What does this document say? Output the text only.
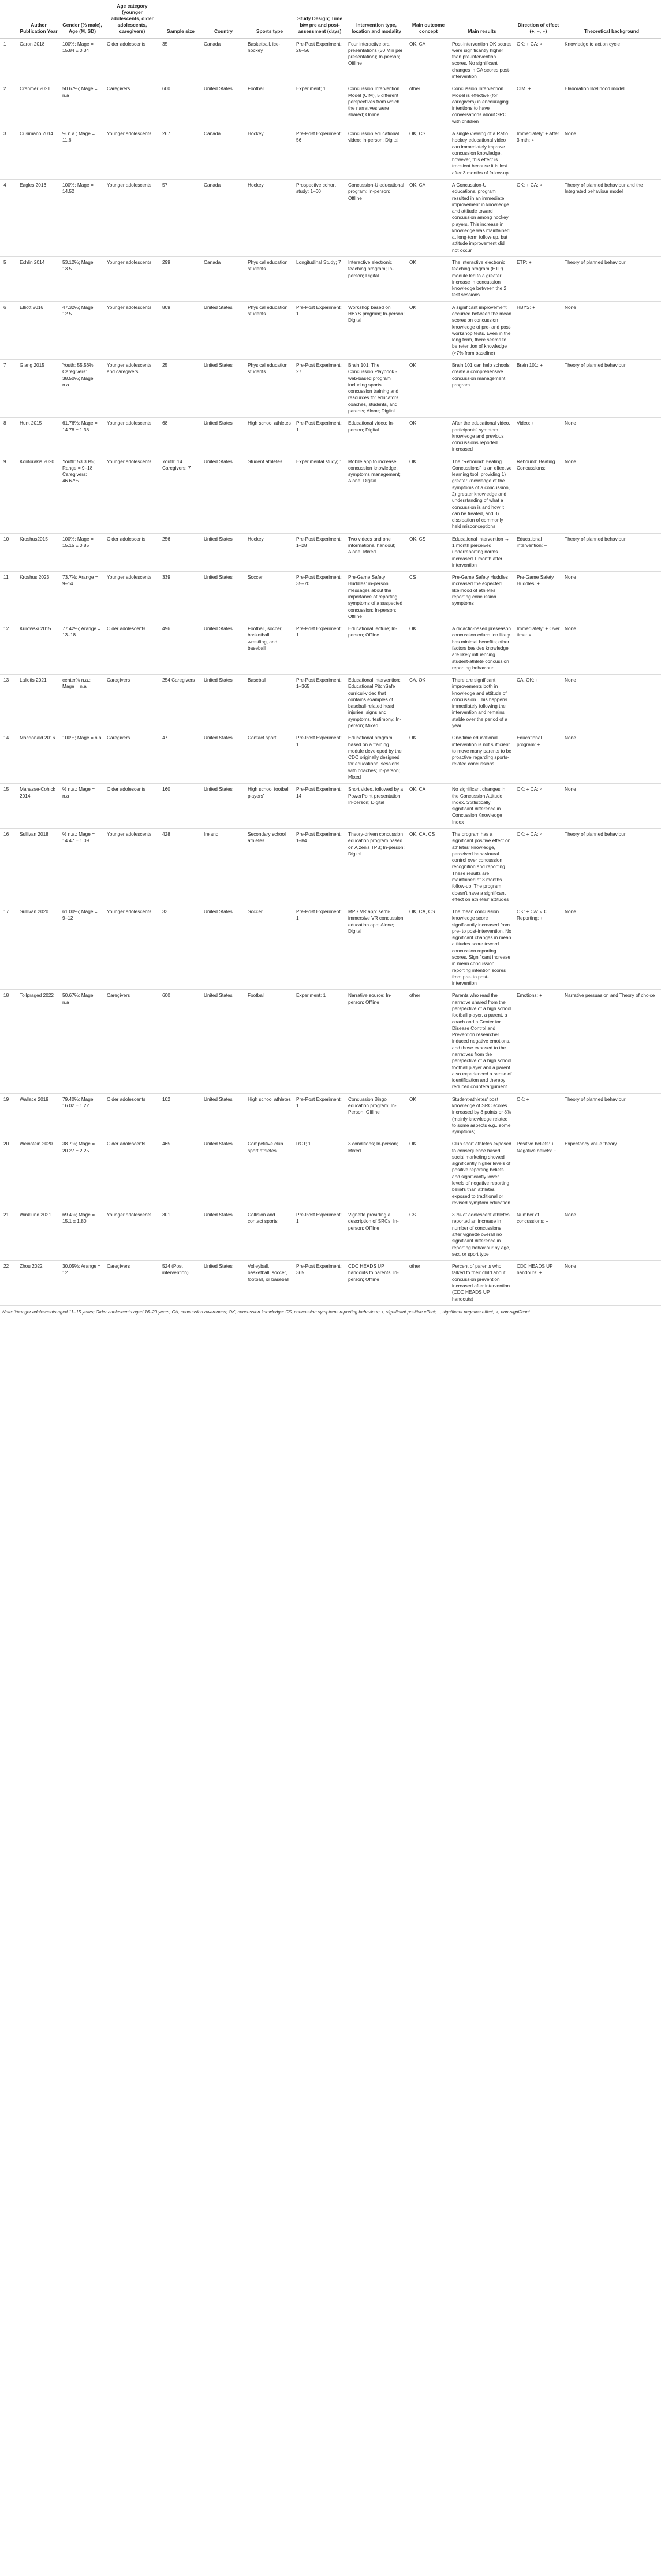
	Author Publication Year	Gender (% male), Age (M, SD)	Age category (younger adolescents, older adolescents, caregivers)	Sample size	Country	Sports type	Study Design; Time b/w pre and post-assessment (days)	Intervention type, location and modality	Main outcome concept	Main results	Direction of effect (+, −, ∘)	Theoretical background
1	Caron 2018	100%; Mage = 15.84 ± 0.34	Older adolescents	35	Canada	Basketball, ice-hockey	Pre-Post Experiment; 28–56	Four interactive oral presentations (30 Min per presentation); In-person; Offline	OK, CA	Post-intervention OK scores were significantly higher than pre-intervention scores. No significant changes in CA scores post-intervention	OK: + CA: ∘	Knowledge to action cycle
2	Cranmer 2021	50.67%; Mage = n.a	Caregivers	600	United States	Football	Experiment; 1	Concussion Intervention Model (CIM), 5 different perspectives from which the narratives were shared; Online	other	Concussion Intervention Model is effective (for caregivers) in encouraging intentions to have conversations about SRC with children	CIM: +	Elaboration likelihood model
3	Cusimano 2014	% n.a.; Mage = 11.6	Younger adolescents	267	Canada	Hockey	Pre-Post Experiment; 56	Concussion educational video; In-person; Digital	OK, CS	A single viewing of a Ratio hockey educational video can immediately improve concussion knowledge, however, this effect is transient because it is lost after 3 months of follow-up	Immediately: + After 3 mth: ∘	None
4	Eagles 2016	100%; Mage = 14.52	Younger adolescents	57	Canada	Hockey	Prospective cohort study; 1–60	Concussion-U educational program; In-person; Offline	OK, CA	A Concussion-U educational program resulted in an immediate improvement in knowledge and attitude toward concussion among hockey players. This increase in knowledge was maintained at long-term follow-up, but attitude improvement did not occur	OK: + CA: ∘	Theory of planned behaviour and the Integrated behaviour model
5	Echlin 2014	53.12%; Mage = 13.5	Younger adolescents	299	Canada	Physical education students	Longitudinal Study; 7	Interactive electronic teaching program; In-person; Digital	OK	The interactive electronic teaching program (ETP) module led to a greater increase in concussion knowledge between the 2 test sessions	ETP: +	Theory of planned behaviour
6	Elliott 2016	47.32%; Mage = 12.5	Younger adolescents	809	United States	Physical education students	Pre-Post Experiment; 1	Workshop based on HBYS program; In-person; Digital	OK	A significant improvement occurred between the mean scores on concussion knowledge of pre- and post-workshop tests. Even in the long term, there seems to be retention of knowledge (>7% from baseline)	HBYS: +	None
7	Glang 2015	Youth: 55.56% Caregivers: 38.50%; Mage = n.a	Younger adolescents and caregivers	25	United States	Physical education students	Pre-Post Experiment; 27	Brain 101: The Concussion Playbook - web-based program including sports concussion training and resources for educators, coaches, students, and parents; Alone; Digital	OK	Brain 101 can help schools create a comprehensive concussion management program	Brain 101: +	Theory of planned behaviour
8	Hunt 2015	61.76%; Mage = 14.78 ± 1.38	Younger adolescents	68	United States	High school athletes	Pre-Post Experiment; 1	Educational video; In-person; Digital	OK	After the educational video, participants' symptom knowledge and previous concussions reported increased	Video: +	None
9	Kontorakis 2020	Youth: 53.30%; Range = 9–18 Caregivers: 46.67%	Younger adolescents	Youth: 14 Caregivers: 7	United States	Student athletes	Experimental study; 1	Mobile app to increase concussion knowledge, symptoms management; Alone; Digital	OK	The "Rebound: Beating Concussions" is an effective learning tool, providing 1) greater knowledge of the symptoms of a concussion, 2) greater knowledge and understanding of what a concussion is and how it can be treated, and 3) dissipation of commonly held misconceptions	Rebound: Beating Concussions: +	None
10	Kroshus2015	100%; Mage = 15.15 ± 0.85	Older adolescents	256	United States	Hockey	Pre-Post Experiment; 1–28	Two videos and one informational handout; Alone; Mixed	OK, CS	Educational intervention → 1 month perceived underreporting norms increased 1 month after intervention	Educational intervention: −	Theory of planned behaviour
11	Kroshus 2023	73.7%; Arange = 9–14	Younger adolescents	339	United States	Soccer	Pre-Post Experiment; 35–70	Pre-Game Safety Huddles: in-person messages about the importance of reporting symptoms of a suspected concussion; In-person; Offline	CS	Pre-Game Safety Huddles increased the expected likelihood of athletes reporting concussion symptoms	Pre-Game Safety Huddles: +	None
12	Kurowski 2015	77.42%; Arange = 13–18	Older adolescents	496	United States	Football, soccer, basketball, wrestling, and baseball	Pre-Post Experiment; 1	Educational lecture; In-person; Offline	OK	A didactic-based preseason concussion education likely has minimal benefits; other factors besides knowledge are likely influencing student-athlete concussion reporting behaviour	Immediately: + Over time: ∘	None
13	Laliotis 2021	center% n.a.; Mage = n.a	Caregivers	254 Caregivers	United States	Baseball	Pre-Post Experiment; 1–365	Educational intervention: Educational PitchSafe curricul-video that contains examples of baseball-related head injuries, signs and symptoms, testimony; In-person; Mixed	CA, OK	There are significant improvements both in knowledge and attitude of concussion. This happens immediately following the intervention and remains stable over the period of a year	CA, OK: +	None
14	Macdonald 2016	100%; Mage = n.a	Caregivers	47	United States	Contact sport	Pre-Post Experiment; 1	Educational program based on a training module developed by the CDC originally designed for educational sessions with coaches; In-person; Mixed	OK	One-time educational intervention is not sufficient to move many parents to be proactive regarding sports-related concussions	Educational program: +	None
15	Manasse-Cohick 2014	% n.a.; Mage = n.a	Older adolescents	160	United States	High school football players'	Pre-Post Experiment; 14	Short video, followed by a PowerPoint presentation; In-person; Digital	OK, CA	No significant changes in the Concussion Attitude Index. Statistically significant difference in Concussion Knowledge Index	OK: + CA: ∘	None
16	Sullivan 2018	% n.a.; Mage = 14.47 ± 1.09	Younger adolescents	428	Ireland	Secondary school athletes	Pre-Post Experiment; 1–84	Theory-driven concussion education program based on Ajzen's TPB; In-person; Digital	OK, CA, CS	The program has a significant positive effect on athletes' knowledge, perceived behavioural control over concussion recognition and reporting. These results are maintained at 3 months follow-up. The program doesn't have a significant effect on athletes' attitudes	OK: + CA: ∘	Theory of planned behaviour
17	Sullivan 2020	61.00%; Mage = 9–12	Younger adolescents	33	United States	Soccer	Pre-Post Experiment; 1	MPS VR app: semi-immersive VR concussion education app; Alone; Digital	OK, CA, CS	The mean concussion knowledge score significantly increased from pre- to post-intervention. No significant changes in mean attitudes score toward concussion reporting scores. Significant increase in mean concussion reporting intention scores from pre- to post-intervention	OK: + CA: ∘ C Reporting: +	None
18	Tollpraged 2022	50.67%; Mage = n.a	Caregivers	600	United States	Football	Experiment; 1	Narrative source; In-person; Offline	other	Parents who read the narrative shared from the perspective of a high school football player, a parent, a coach and a Center for Disease Control and Prevention researcher induced negative emotions, and those exposed to the narratives from the perspective of a high school football player and a parent also experienced a sense of identification and thereby reduced counterargument	Emotions: +	Narrative persuasion and Theory of choice
19	Wallace 2019	79.40%; Mage = 16.02 ± 1.22	Older adolescents	102	United States	High school athletes	Pre-Post Experiment; 1	Concussion Bingo education program; In-Person; Offline	OK	Student-athletes' post knowledge of SRC scores increased by 8 points or 8% (mainly knowledge related to some aspects e.g., some symptoms)	OK: +	Theory of planned behaviour
20	Weinstein 2020	38.7%; Mage = 20.27 ± 2.25	Older adolescents	465	United States	Competitive club sport athletes	RCT; 1	3 conditions; In-person; Mixed	OK	Club sport athletes exposed to consequence based social marketing showed significantly higher levels of positive reporting beliefs and significantly lower levels of negative reporting beliefs than athletes exposed to traditional or revised symptom education	Positive beliefs: + Negative beliefs: −	Expectancy value theory
21	Winklund 2021	69.4%; Mage = 15.1 ± 1.80	Younger adolescents	301	United States	Collision and contact sports	Pre-Post Experiment; 1	Vignette providing a description of SRCs; In-person; Offline	CS	30% of adolescent athletes reported an increase in number of concussions after vignette overall no significant difference in reporting behaviour by age, sex, or sport type	Number of concussions: +	None
22	Zhou 2022	30.05%; Arange = 12	Caregivers	524 (Post intervention)	United States	Volleyball, basketball, soccer, football, or baseball	Pre-Post Experiment; 365	CDC HEADS UP handouts to parents; In-person; Offline	other	Percent of parents who talked to their child about concussion prevention increased after intervention (CDC HEADS UP handouts)	CDC HEADS UP handouts: +	None
Note: Younger adolescents aged 11–15 years; Older adolescents aged 16–20 years; CA, concussion awareness; OK, concussion knowledge; CS, concussion symptoms reporting behaviour; +, significant positive effect; −, significant negative effect; ∘, non-significant.
